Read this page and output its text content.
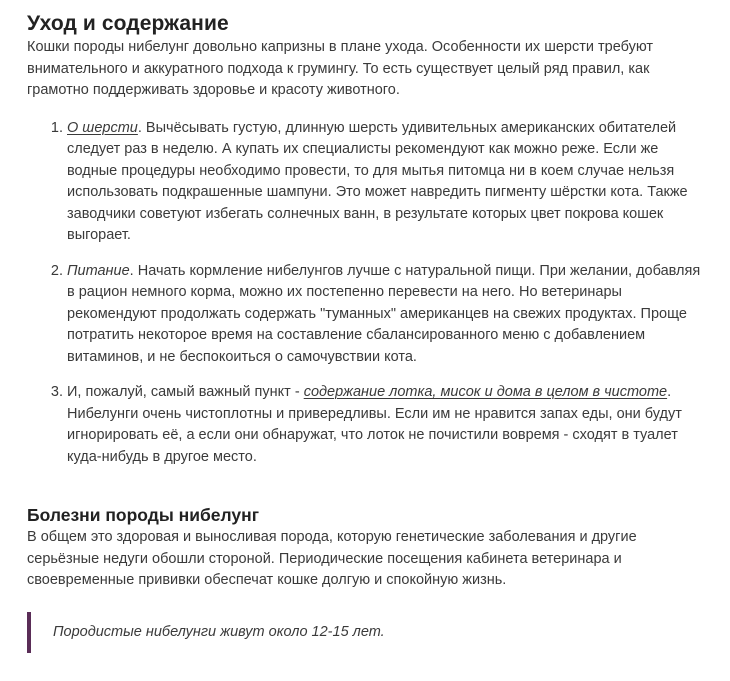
Уход и содержание

Кошки породы нибелунг довольно капризны в плане ухода. Особенности их шерсти требуют внимательного и аккуратного подхода к грумингу. То есть существует целый ряд правил, как грамотно поддерживать здоровье и красоту животного.

1. О шерсти. Вычёсывать густую, длинную шерсть удивительных американских обитателей следует раз в неделю. А купать их специалисты рекомендуют как можно реже. Если же водные процедуры необходимо провести, то для мытья питомца ни в коем случае нельзя использовать подкрашенные шампуни. Это может навредить пигменту шёрстки кота. Также заводчики советуют избегать солнечных ванн, в результате которых цвет покрова кошек выгорает.
2. Питание. Начать кормление нибелунгов лучше с натуральной пищи. При желании, добавляя в рацион немного корма, можно их постепенно перевести на него. Но ветеринары рекомендуют продолжать содержать "туманных" американцев на свежих продуктах. Проще потратить некоторое время на составление сбалансированного меню с добавлением витаминов, и не беспокоиться о самочувствии кота.
3. И, пожалуй, самый важный пункт - содержание лотка, мисок и дома в целом в чистоте. Нибелунги очень чистоплотны и привередливы. Если им не нравится запах еды, они будут игнорировать её, а если они обнаружат, что лоток не почистили вовремя - сходят в туалет куда-нибудь в другое место.
Болезни породы нибелунг

В общем это здоровая и выносливая порода, которую генетические заболевания и другие серьёзные недуги обошли стороной. Периодические посещения кабинета ветеринара и своевременные прививки обеспечат кошке долгую и спокойную жизнь.

Породистые нибелунги живут около 12-15 лет.
